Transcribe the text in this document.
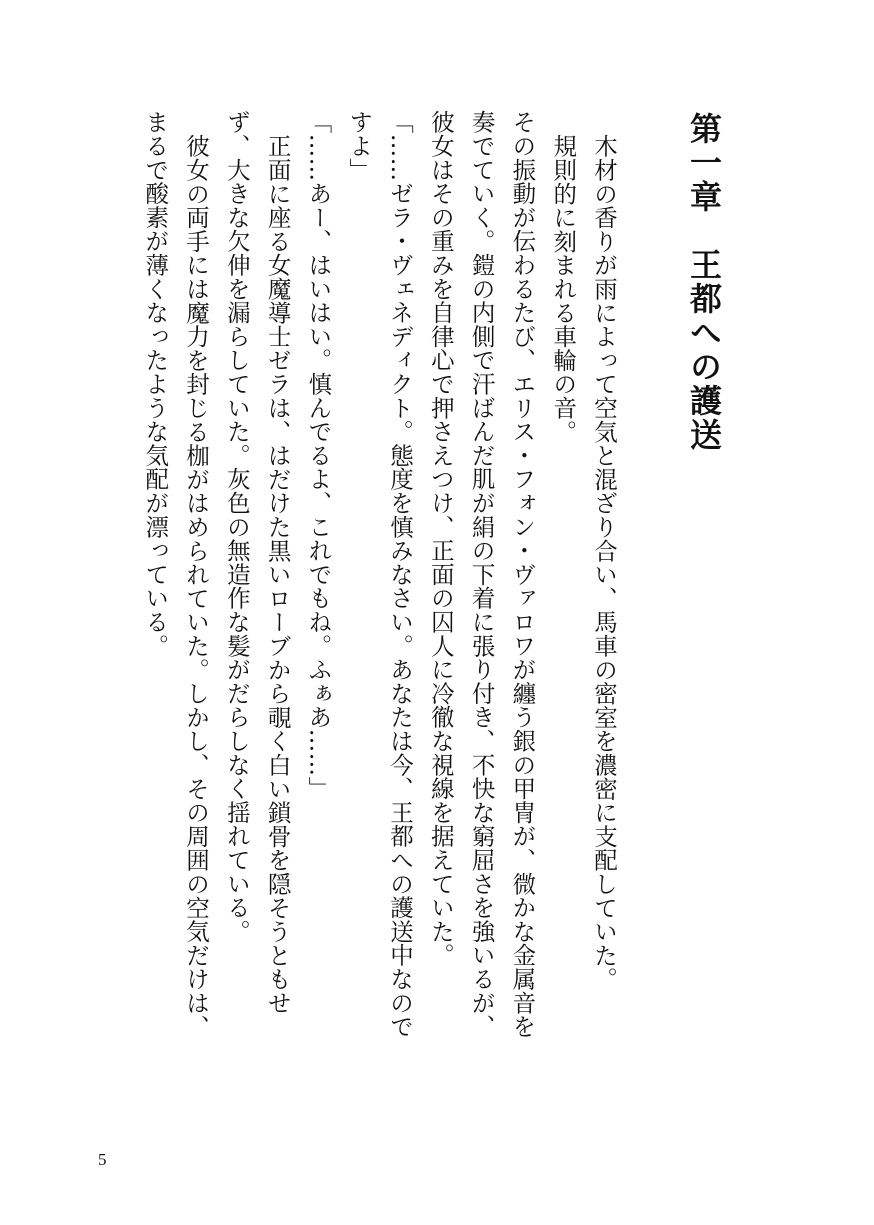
第一章　王都への護送

木材の香りが雨によって空気と混ざり合い、馬車の密室を濃密に支配していた。

規則的に刻まれる車輪の音。

その振動が伝わるたび、エリス・フォン・ヴァロワが纏う銀の甲冑が、微かな金属音を奏でていく。鎧の内側で汗ばんだ肌が絹の下着に張り付き、不快な窮屈さを強いるが、彼女はその重みを自律心で押さえつけ、正面の囚人に冷徹な視線を据えていた。

「……ゼラ・ヴェネディクト。態度を慎みなさい。あなたは今、王都への護送中なのですよ」

「……あー、はいはい。慎んでるよ、これでもね。ふぁあ……」

正面に座る女魔導士ゼラは、はだけた黒いローブから覗く白い鎖骨を隠そうともせず、大きな欠伸を漏らしていた。灰色の無造作な髪がだらしなく揺れている。

彼女の両手には魔力を封じる枷がはめられていた。しかし、その周囲の空気だけは、まるで酸素が薄くなったような気配が漂っている。

5
